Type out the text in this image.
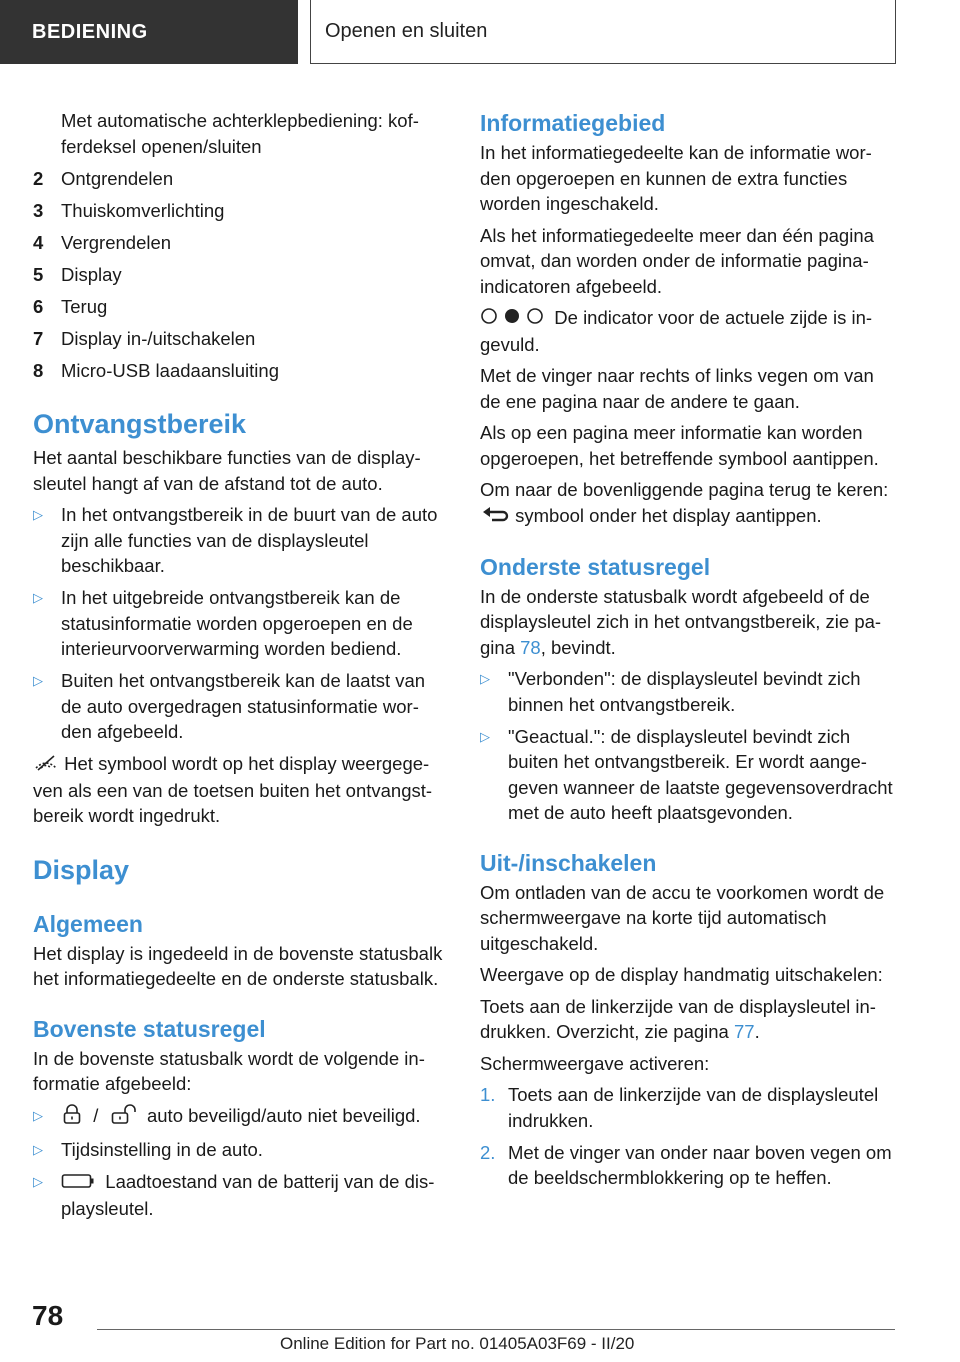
BEDIENING	Openen en sluiten
Met automatische achterklepbediening: kofferdeksel openen/sluiten
2 Ontgrendelen
3 Thuiskomverlichting
4 Vergrendelen
5 Display
6 Terug
7 Display in-/uitschakelen
8 Micro-USB laadaansluiting
Ontvangstbereik

Het aantal beschikbare functies van de displaysleutel hangt af van de afstand tot de auto.

▷ In het ontvangstbereik in de buurt van de auto zijn alle functies van de displaysleutel beschikbaar.
▷ In het uitgebreide ontvangstbereik kan de statusinformatie worden opgeroepen en de interieurvoorverwarming worden bediend.
▷ Buiten het ontvangstbereik kan de laatst van de auto overgedragen statusinformatie worden afgebeeld.

Het symbool wordt op het display weergegeven als een van de toetsen buiten het ontvangstbereik wordt ingedrukt.

Display
Algemeen

Het display is ingedeeld in de bovenste statusbalk het informatiegedeelte en de onderste statusbalk.

Bovenste statusregel

In de bovenste statusbalk wordt de volgende informatie afgebeeld:

▷	/	auto beveiligd/auto niet beveiligd.
▷ Tijdsinstelling in de auto.
▷	Laadtoestand van de batterij van de displaysleutel.
Informatiegebied

In het informatiegedeelte kan de informatie worden opgeroepen en kunnen de extra functies worden ingeschakeld.

Als het informatiegedeelte meer dan één pagina omvat, dan worden onder de informatie paginaindicatoren afgebeeld.

De indicator voor de actuele zijde is ingevuld.

Met de vinger naar rechts of links vegen om van de ene pagina naar de andere te gaan.

Als op een pagina meer informatie kan worden opgeroepen, het betreffende symbool aantippen.

Om naar de bovenliggende pagina terug te keren:  symbool onder het display aantippen.

Onderste statusregel

In de onderste statusbalk wordt afgebeeld of de displaysleutel zich in het ontvangstbereik, zie pagina 78, bevindt.

▷ "Verbonden": de displaysleutel bevindt zich binnen het ontvangstbereik.
▷ "Geactual.": de displaysleutel bevindt zich buiten het ontvangstbereik. Er wordt aangegeven wanneer de laatste gegevensoverdracht met de auto heeft plaatsgevonden.
Uit-/inschakelen

Om ontladen van de accu te voorkomen wordt de schermweergave na korte tijd automatisch uitgeschakeld.

Weergave op de display handmatig uitschakelen:

Toets aan de linkerzijde van de displaysleutel indrukken. Overzicht, zie pagina 77.

Schermweergave activeren:

1. Toets aan de linkerzijde van de displaysleutel indrukken.
2. Met de vinger van onder naar boven vegen om de beeldschermblokkering op te heffen.
78
Online Edition for Part no. 01405A03F69 - II/20
